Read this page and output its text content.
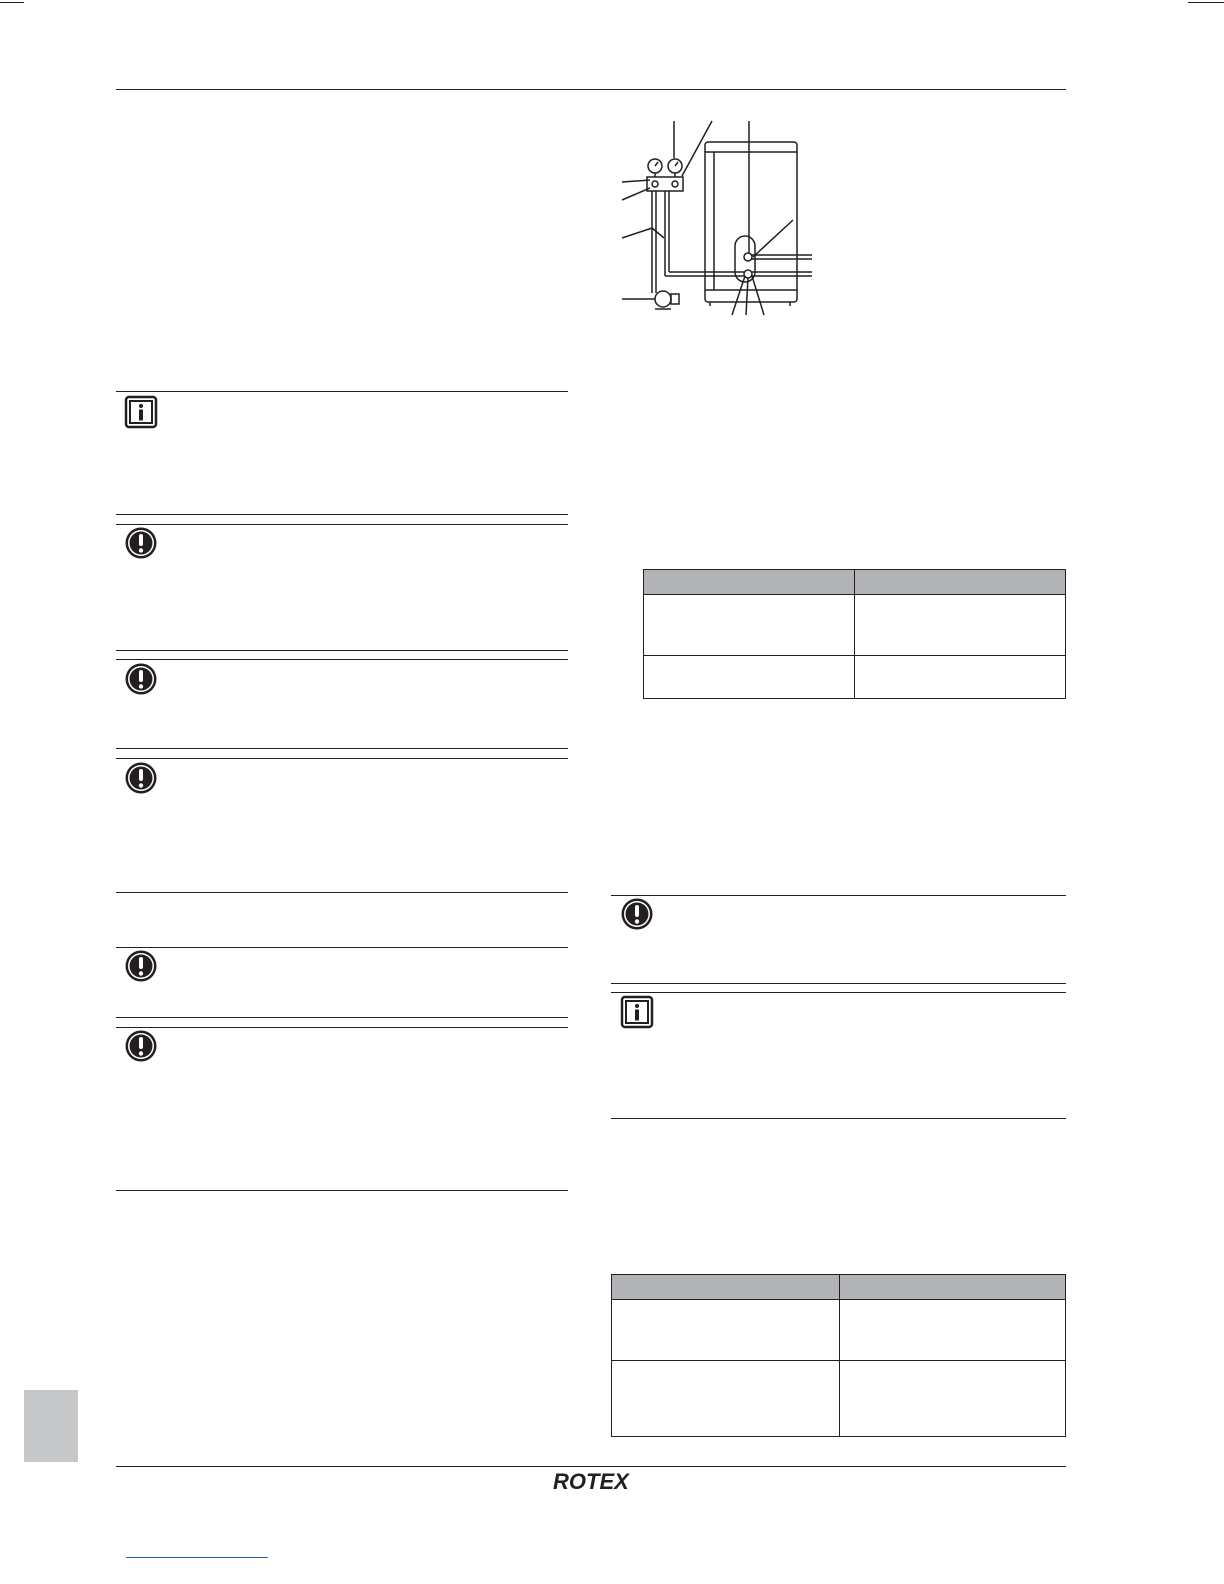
ROTEX
